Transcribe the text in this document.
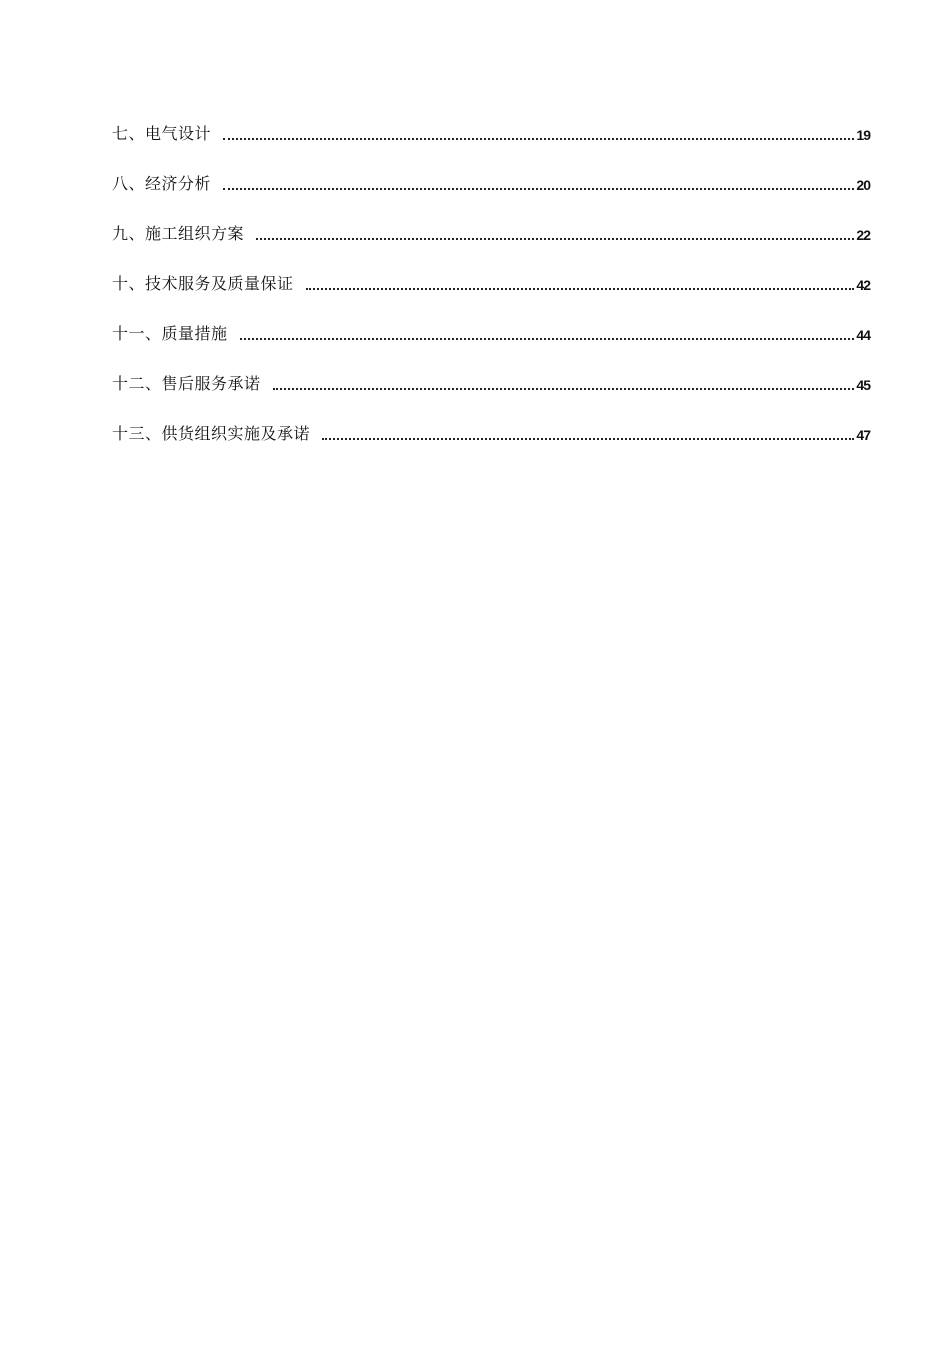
七、电气设计	19
八、经济分析	20
九、施工组织方案	22
十、技术服务及质量保证	42
十一、质量措施	44
十二、售后服务承诺	45
十三、供货组织实施及承诺	47
